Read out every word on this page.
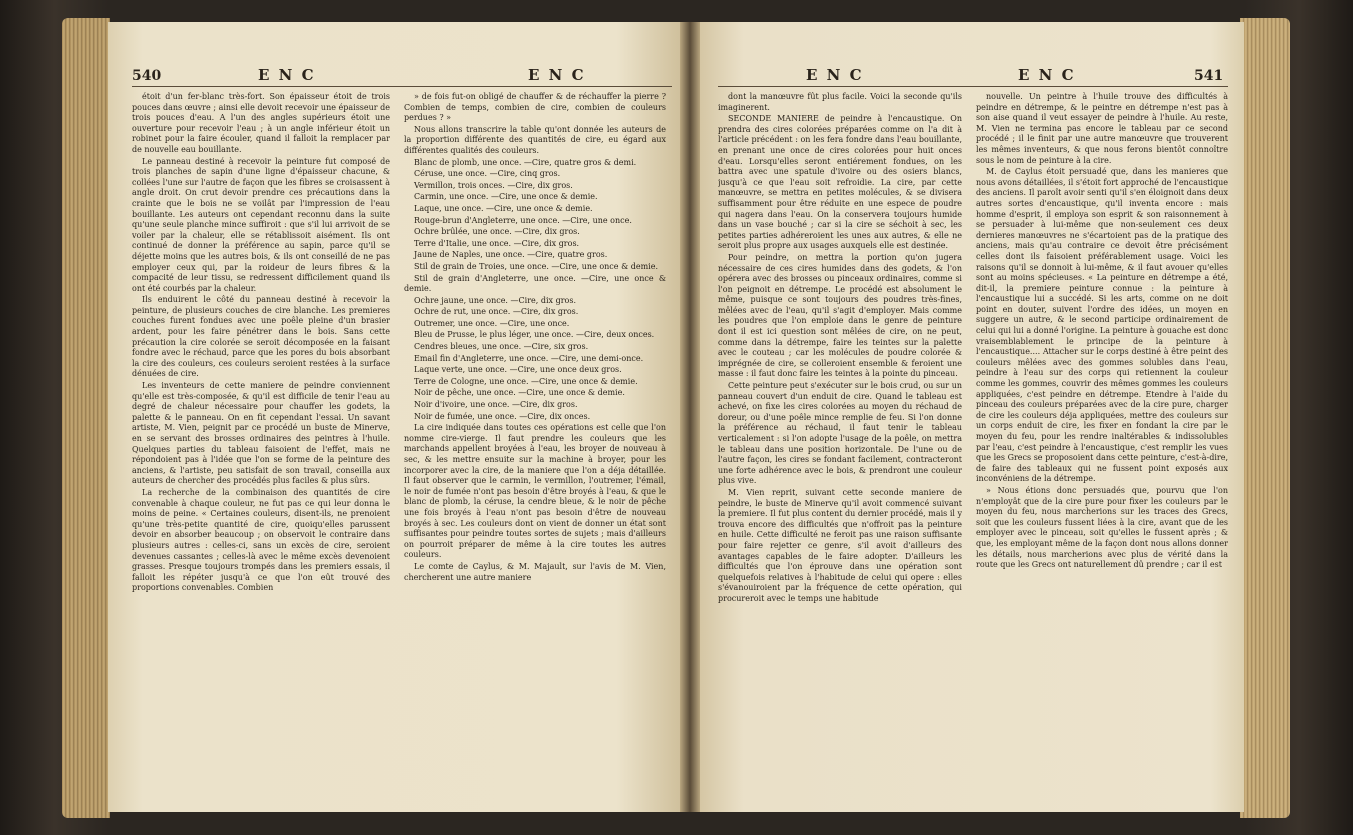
540	E N C	E N C

étoit d'un fer-blanc très-fort. Son épaisseur étoit de trois pouces dans œuvre ; ainsi elle devoit recevoir une épaisseur de trois pouces d'eau. A l'un des angles supérieurs étoit une ouverture pour recevoir l'eau ; à un angle inférieur étoit un robinet pour la faire écouler, quand il falloit la remplacer par de nouvelle eau bouillante.

Le panneau destiné à recevoir la peinture fut composé de trois planches de sapin d'une ligne d'épaisseur chacune, & collées l'une sur l'autre de façon que les fibres se croisassent à angle droit. On crut devoir prendre ces précautions dans la crainte que le bois ne se voilât par l'impression de l'eau bouillante. Les auteurs ont cependant reconnu dans la suite qu'une seule planche mince suffiroit : que s'il lui arrivoit de se voiler par la chaleur, elle se rétablissoit aisément. Ils ont continué de donner la préférence au sapin, parce qu'il se déjette moins que les autres bois, & ils ont conseillé de ne pas employer ceux qui, par la roideur de leurs fibres & la compacité de leur tissu, se redressent difficilement quand ils ont été courbés par la chaleur.

Ils enduirent le côté du panneau destiné à recevoir la peinture, de plusieurs couches de cire blanche. Les premieres couches furent fondues avec une poêle pleine d'un brasier ardent, pour les faire pénétrer dans le bois. Sans cette précaution la cire colorée se seroit décomposée en la faisant fondre avec le réchaud, parce que les pores du bois absorbant la cire des couleurs, ces couleurs seroient restées à la surface dénuées de cire.

Les inventeurs de cette maniere de peindre conviennent qu'elle est très-composée, & qu'il est difficile de tenir l'eau au degré de chaleur nécessaire pour chauffer les godets, la palette & le panneau. On en fit cependant l'essai. Un savant artiste, M. Vien, peignit par ce procédé un buste de Minerve, en se servant des brosses ordinaires des peintres à l'huile. Quelques parties du tableau faisoient de l'effet, mais ne répondoient pas à l'idée que l'on se forme de la peinture des anciens, & l'artiste, peu satisfait de son travail, conseilla aux auteurs de chercher des procédés plus faciles & plus sûrs.

La recherche de la combinaison des quantités de cire convenable à chaque couleur, ne fut pas ce qui leur donna le moins de peine. « Certaines couleurs, disent-ils, ne prenoient qu'une très-petite quantité de cire, quoiqu'elles parussent devoir en absorber beaucoup ; on observoit le contraire dans plusieurs autres : celles-ci, sans un excès de cire, seroient devenues cassantes ; celles-là avec le même excès devenoient grasses. Presque toujours trompés dans les premiers essais, il falloit les répéter jusqu'à ce que l'on eût trouvé des proportions convenables. Combien

» de fois fut-on obligé de chauffer & de réchauffer la pierre ? Combien de temps, combien de cire, combien de couleurs perdues ? »

Nous allons transcrire la table qu'ont donnée les auteurs de la proportion différente des quantités de cire, eu égard aux différentes qualités des couleurs.

Blanc de plomb, une once. —Cire, quatre gros & demi.

Céruse, une once. —Cire, cinq gros.

Vermillon, trois onces. —Cire, dix gros.

Carmin, une once. —Cire, une once & demie.

Laque, une once. —Cire, une once & demie.

Rouge-brun d'Angleterre, une once. —Cire, une once.

Ochre brûlée, une once. —Cire, dix gros.

Terre d'Italie, une once. —Cire, dix gros.

Jaune de Naples, une once. —Cire, quatre gros.

Stil de grain de Troies, une once. —Cire, une once & demie.

Stil de grain d'Angleterre, une once. —Cire, une once & demie.

Ochre jaune, une once. —Cire, dix gros.

Ochre de rut, une once. —Cire, dix gros.

Outremer, une once. —Cire, une once.

Bleu de Prusse, le plus léger, une once. —Cire, deux onces.

Cendres bleues, une once. —Cire, six gros.

Email fin d'Angleterre, une once. —Cire, une demi-once.

Laque verte, une once. —Cire, une once deux gros.

Terre de Cologne, une once. —Cire, une once & demie.

Noir de pêche, une once. —Cire, une once & demie.

Noir d'ivoire, une once. —Cire, dix gros.

Noir de fumée, une once. —Cire, dix onces.

La cire indiquée dans toutes ces opérations est celle que l'on nomme cire-vierge. Il faut prendre les couleurs que les marchands appellent broyées à l'eau, les broyer de nouveau à sec, & les mettre ensuite sur la machine à broyer, pour les incorporer avec la cire, de la maniere que l'on a déja détaillée. Il faut observer que le carmin, le vermillon, l'outremer, l'émail, le noir de fumée n'ont pas besoin d'être broyés à l'eau, & que le blanc de plomb, la céruse, la cendre bleue, & le noir de pêche une fois broyés à l'eau n'ont pas besoin d'être de nouveau broyés à sec. Les couleurs dont on vient de donner un état sont suffisantes pour peindre toutes sortes de sujets ; mais d'ailleurs on pourroit préparer de même à la cire toutes les autres couleurs.

Le comte de Caylus, & M. Majault, sur l'avis de M. Vien, chercherent une autre maniere

E N C	E N C	541

dont la manœuvre fût plus facile. Voici la seconde qu'ils imaginerent.

SECONDE MANIERE de peindre à l'encaustique. On prendra des cires colorées préparées comme on l'a dit à l'article précédent : on les fera fondre dans l'eau bouillante, en prenant une once de cires colorées pour huit onces d'eau. Lorsqu'elles seront entiérement fondues, on les battra avec une spatule d'ivoire ou des osiers blancs, jusqu'à ce que l'eau soit refroidie. La cire, par cette manœuvre, se mettra en petites molécules, & se divisera suffisamment pour être réduite en une espece de poudre qui nagera dans l'eau. On la conservera toujours humide dans un vase bouché ; car si la cire se séchoit à sec, les petites parties adhéreroient les unes aux autres, & elle ne seroit plus propre aux usages auxquels elle est destinée.

Pour peindre, on mettra la portion qu'on jugera nécessaire de ces cires humides dans des godets, & l'on opérera avec des brosses ou pinceaux ordinaires, comme si l'on peignoit en détrempe. Le procédé est absolument le même, puisque ce sont toujours des poudres très-fines, mêlées avec de l'eau, qu'il s'agit d'employer. Mais comme les poudres que l'on emploie dans le genre de peinture dont il est ici question sont mêlées de cire, on ne peut, comme dans la détrempe, faire les teintes sur la palette avec le couteau ; car les molécules de poudre colorée & imprégnée de cire, se colleroient ensemble & feroient une masse : il faut donc faire les teintes à la pointe du pinceau.

Cette peinture peut s'exécuter sur le bois crud, ou sur un panneau couvert d'un enduit de cire. Quand le tableau est achevé, on fixe les cires colorées au moyen du réchaud de doreur, ou d'une poêle mince remplie de feu. Si l'on donne la préférence au réchaud, il faut tenir le tableau verticalement : si l'on adopte l'usage de la poêle, on mettra le tableau dans une position horizontale. De l'une ou de l'autre façon, les cires se fondant facilement, contracteront une forte adhérence avec le bois, & prendront une couleur plus vive.

M. Vien reprit, suivant cette seconde maniere de peindre, le buste de Minerve qu'il avoit commencé suivant la premiere. Il fut plus content du dernier procédé, mais il y trouva encore des difficultés que n'offroit pas la peinture en huile. Cette difficulté ne feroit pas une raison suffisante pour faire rejetter ce genre, s'il avoit d'ailleurs des avantages capables de le faire adopter. D'ailleurs les difficultés que l'on éprouve dans une opération sont quelquefois relatives à l'habitude de celui qui opere : elles s'évanouiroient par la fréquence de cette opération, qui procureroit avec le temps une habitude

nouvelle. Un peintre à l'huile trouve des difficultés à peindre en détrempe, & le peintre en détrempe n'est pas à son aise quand il veut essayer de peindre à l'huile. Au reste, M. Vien ne termina pas encore le tableau par ce second procédé ; il le finit par une autre manœuvre que trouverent les mêmes inventeurs, & que nous ferons bientôt connoître sous le nom de peinture à la cire.

M. de Caylus étoit persuadé que, dans les manieres que nous avons détaillées, il s'étoit fort approché de l'encaustique des anciens. Il paroît avoir senti qu'il s'en éloignoit dans deux autres sortes d'encaustique, qu'il inventa encore : mais homme d'esprit, il employa son esprit & son raisonnement à se persuader à lui-même que non-seulement ces deux dernieres manœuvres ne s'écartoient pas de la pratique des anciens, mais qu'au contraire ce devoit être précisément celles dont ils faisoient préférablement usage. Voici les raisons qu'il se donnoit à lui-même, & il faut avouer qu'elles sont au moins spécieuses. « La peinture en détrempe a été, dit-il, la premiere peinture connue : la peinture à l'encaustique lui a succédé. Si les arts, comme on ne doit point en douter, suivent l'ordre des idées, un moyen en suggere un autre, & le second participe ordinairement de celui qui lui a donné l'origine. La peinture à gouache est donc vraisemblablement le principe de la peinture à l'encaustique.... Attacher sur le corps destiné à être peint des couleurs mêlées avec des gommes solubles dans l'eau, peindre à l'eau sur des corps qui retiennent la couleur comme les gommes, couvrir des mêmes gommes les couleurs appliquées, c'est peindre en détrempe. Etendre à l'aide du pinceau des couleurs préparées avec de la cire pure, charger de cire les couleurs déja appliquées, mettre des couleurs sur un corps enduit de cire, les fixer en fondant la cire par le moyen du feu, pour les rendre inaltérables & indissolubles par l'eau, c'est peindre à l'encaustique, c'est remplir les vues que les Grecs se proposoient dans cette peinture, c'est-à-dire, de faire des tableaux qui ne fussent point exposés aux inconvéniens de la détrempe.

» Nous étions donc persuadés que, pourvu que l'on n'employât que de la cire pure pour fixer les couleurs par le moyen du feu, nous marcherions sur les traces des Grecs, soit que les couleurs fussent liées à la cire, avant que de les employer avec le pinceau, soit qu'elles le fussent après ; & que, les employant même de la façon dont nous allons donner les détails, nous marcherions avec plus de vérité dans la route que les Grecs ont naturellement dû prendre ; car il est
